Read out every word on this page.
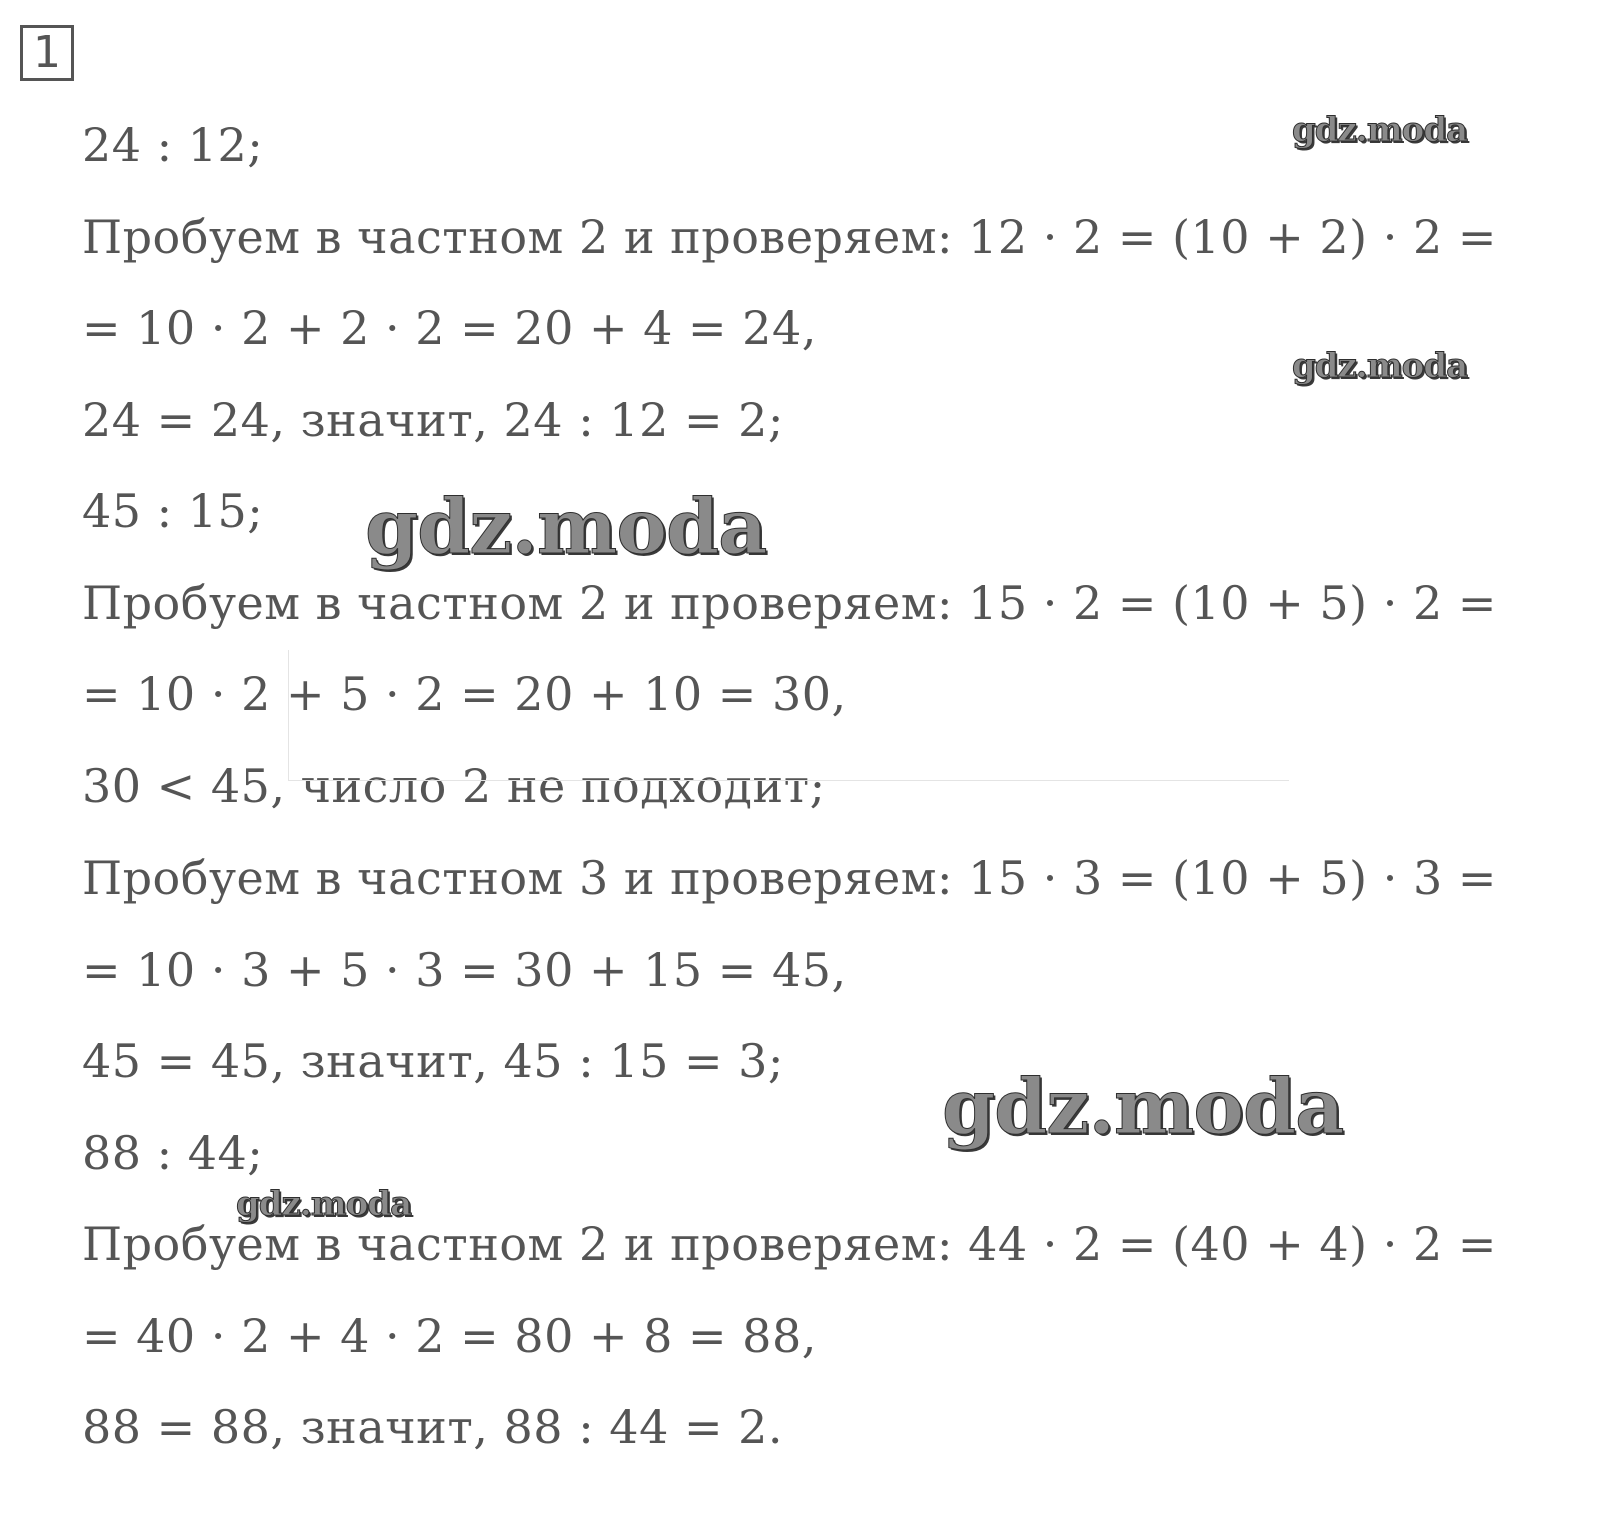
1
24 : 12;
Пробуем в частном 2 и проверяем: 12 · 2 = (10 + 2) · 2 =
= 10 · 2 + 2 · 2 = 20 + 4 = 24,
24 = 24, значит, 24 : 12 = 2;
45 : 15;
Пробуем в частном 2 и проверяем: 15 · 2 = (10 + 5) · 2 =
= 10 · 2 + 5 · 2 = 20 + 10 = 30,
30 < 45, число 2 не подходит;
Пробуем в частном 3 и проверяем: 15 · 3 = (10 + 5) · 3 =
= 10 · 3 + 5 · 3 = 30 + 15 = 45,
45 = 45, значит, 45 : 15 = 3;
88 : 44;
Пробуем в частном 2 и проверяем: 44 · 2 = (40 + 4) · 2 =
= 40 · 2 + 4 · 2 = 80 + 8 = 88,
88 = 88, значит, 88 : 44 = 2.
gdz.moda
gdz.moda
gdz.moda
gdz.moda
gdz.moda
